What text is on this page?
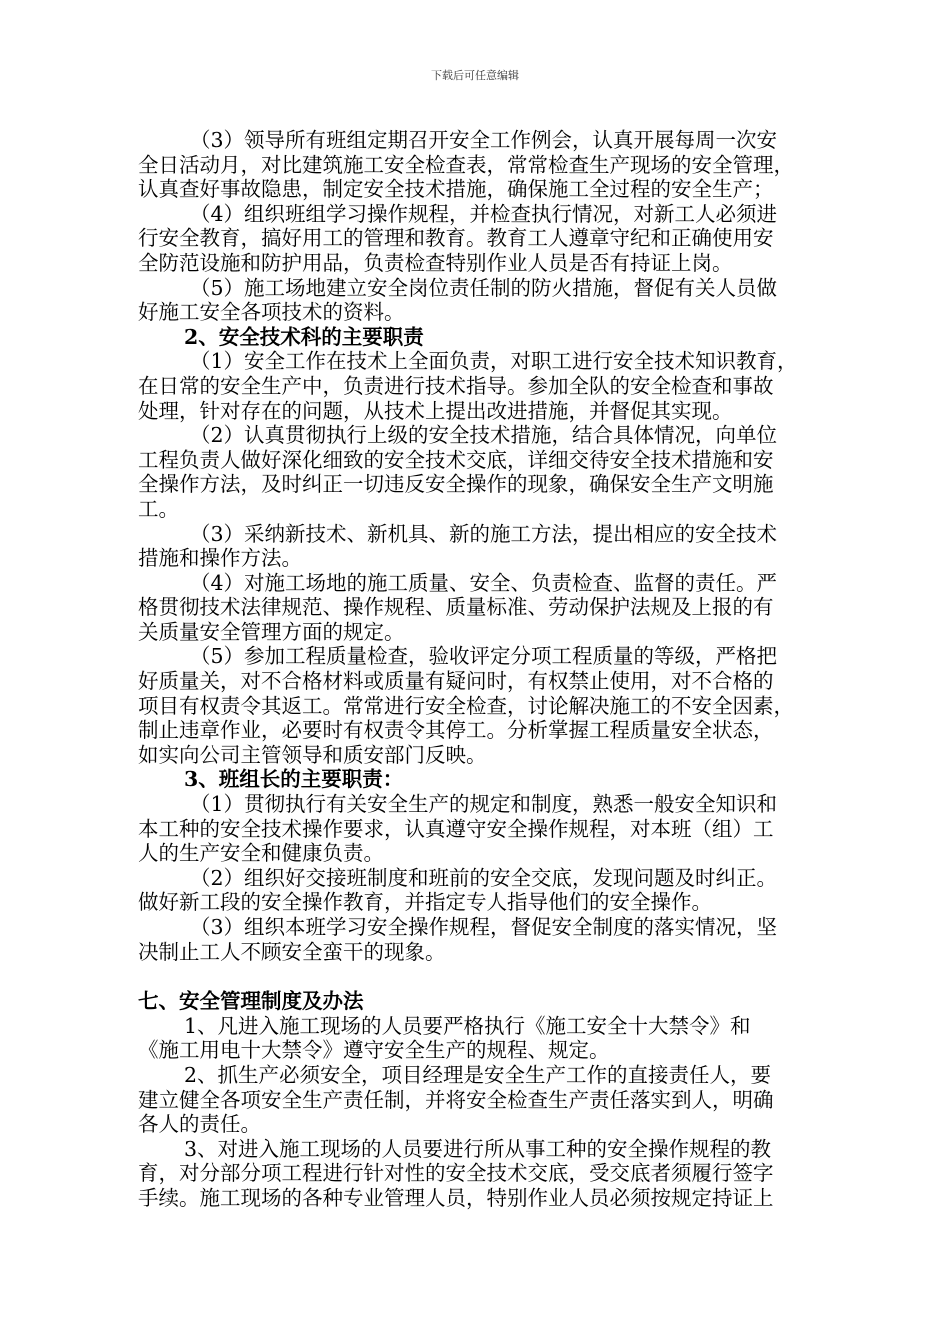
下载后可任意编辑
（3）领导所有班组定期召开安全工作例会，认真开展每周一次安
全日活动月，对比建筑施工安全检查表，常常检查生产现场的安全管理，
认真查好事故隐患，制定安全技术措施，确保施工全过程的安全生产；
（4）组织班组学习操作规程，并检查执行情况，对新工人必须进
行安全教育，搞好用工的管理和教育。教育工人遵章守纪和正确使用安
全防范设施和防护用品，负责检查特别作业人员是否有持证上岗。
（5）施工场地建立安全岗位责任制的防火措施，督促有关人员做
好施工安全各项技术的资料。
2、安全技术科的主要职责
（1）安全工作在技术上全面负责，对职工进行安全技术知识教育，
在日常的安全生产中，负责进行技术指导。参加全队的安全检查和事故
处理，针对存在的问题，从技术上提出改进措施，并督促其实现。
（2）认真贯彻执行上级的安全技术措施，结合具体情况，向单位
工程负责人做好深化细致的安全技术交底，详细交待安全技术措施和安
全操作方法，及时纠正一切违反安全操作的现象，确保安全生产文明施
工。
（3）采纳新技术、新机具、新的施工方法，提出相应的安全技术
措施和操作方法。
（4）对施工场地的施工质量、安全、负责检查、监督的责任。严
格贯彻技术法律规范、操作规程、质量标准、劳动保护法规及上报的有
关质量安全管理方面的规定。
（5）参加工程质量检查，验收评定分项工程质量的等级，严格把
好质量关，对不合格材料或质量有疑问时，有权禁止使用，对不合格的
项目有权责令其返工。常常进行安全检查，讨论解决施工的不安全因素，
制止违章作业，必要时有权责令其停工。分析掌握工程质量安全状态，
如实向公司主管领导和质安部门反映。
3、班组长的主要职责：
（1）贯彻执行有关安全生产的规定和制度，熟悉一般安全知识和
本工种的安全技术操作要求，认真遵守安全操作规程，对本班（组）工
人的生产安全和健康负责。
（2）组织好交接班制度和班前的安全交底，发现问题及时纠正。
做好新工段的安全操作教育，并指定专人指导他们的安全操作。
（3）组织本班学习安全操作规程，督促安全制度的落实情况，坚
决制止工人不顾安全蛮干的现象。
七、安全管理制度及办法
1、凡进入施工现场的人员要严格执行《施工安全十大禁令》和
《施工用电十大禁令》遵守安全生产的规程、规定。
2、抓生产必须安全，项目经理是安全生产工作的直接责任人，要
建立健全各项安全生产责任制，并将安全检查生产责任落实到人，明确
各人的责任。
3、对进入施工现场的人员要进行所从事工种的安全操作规程的教
育，对分部分项工程进行针对性的安全技术交底，受交底者须履行签字
手续。施工现场的各种专业管理人员，特别作业人员必须按规定持证上
